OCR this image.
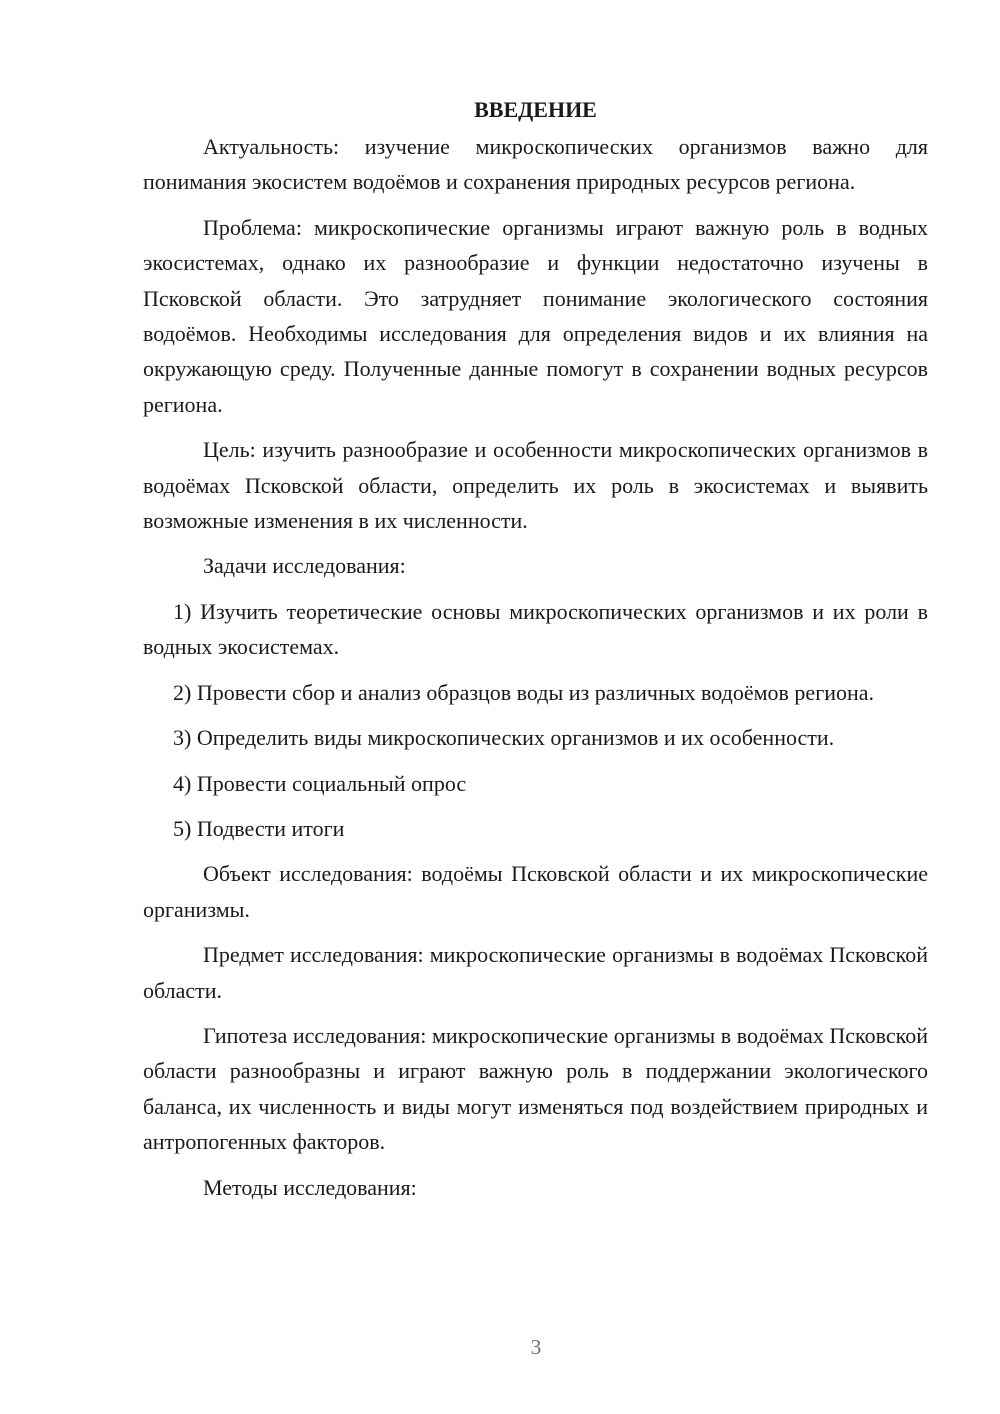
ВВЕДЕНИЕ

Актуальность: изучение микроскопических организмов важно для понимания экосистем водоёмов и сохранения природных ресурсов региона.

Проблема: микроскопические организмы играют важную роль в водных экосистемах, однако их разнообразие и функции недостаточно изучены в Псковской области. Это затрудняет понимание экологического состояния водоёмов. Необходимы исследования для определения видов и их влияния на окружающую среду. Полученные данные помогут в сохранении водных ресурсов региона.

Цель: изучить разнообразие и особенности микроскопических организмов в водоёмах Псковской области, определить их роль в экосистемах и выявить возможные изменения в их численности.

Задачи исследования:

1) Изучить теоретические основы микроскопических организмов и их роли в водных экосистемах.

2) Провести сбор и анализ образцов воды из различных водоёмов региона.

3) Определить виды микроскопических организмов и их особенности.

4) Провести социальный опрос

5) Подвести итоги

Объект исследования: водоёмы Псковской области и их микроскопические организмы.

Предмет исследования: микроскопические организмы в водоёмах Псковской области.

Гипотеза исследования: микроскопические организмы в водоёмах Псковской области разнообразны и играют важную роль в поддержании экологического баланса, их численность и виды могут изменяться под воздействием природных и антропогенных факторов.

Методы исследования:

3
